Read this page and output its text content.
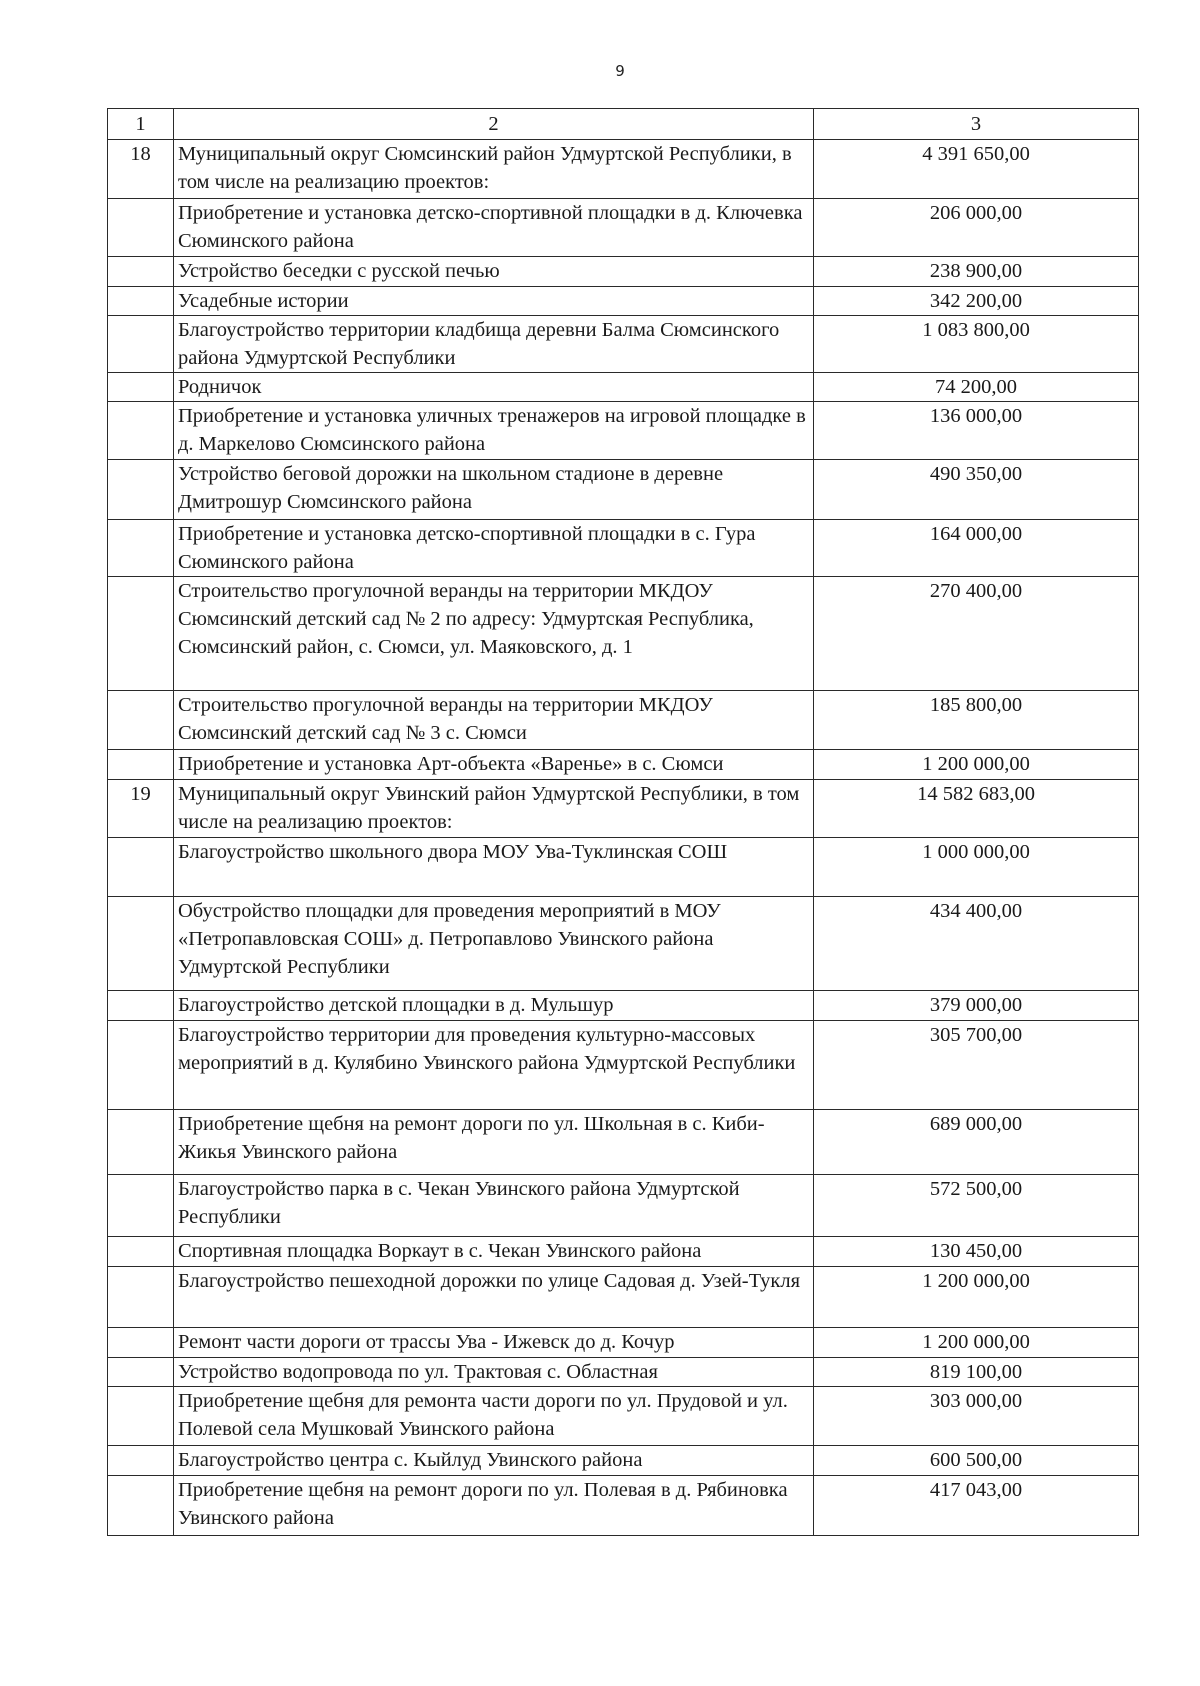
9
1	2	3
18	Муниципальный округ Сюмсинский район Удмуртской Республики, в том числе на реализацию проектов:	4 391 650,00
	Приобретение и установка детско-спортивной площадки в д. Ключевка Сюминского района	206 000,00
	Устройство беседки с русской печью	238 900,00
	Усадебные истории	342 200,00
	Благоустройство территории кладбища деревни Балма Сюмсинского района Удмуртской Республики	1 083 800,00
	Родничок	74 200,00
	Приобретение и установка уличных тренажеров на игровой площадке в д. Маркелово Сюмсинского района	136 000,00
	Устройство беговой дорожки на школьном стадионе в деревне Дмитрошур Сюмсинского района	490 350,00
	Приобретение и установка детско-спортивной площадки в с. Гура Сюминского района	164 000,00
	Строительство прогулочной веранды на территории МКДОУ Сюмсинский детский сад № 2 по адресу: Удмуртская Республика, Сюмсинский район, с. Сюмси, ул. Маяковского, д. 1	270 400,00
	Строительство прогулочной веранды на территории МКДОУ Сюмсинский детский сад № 3 с. Сюмси	185 800,00
	Приобретение и установка Арт-объекта «Варенье» в с. Сюмси	1 200 000,00
19	Муниципальный округ Увинский район Удмуртской Республики, в том числе на реализацию проектов:	14 582 683,00
	Благоустройство школьного двора МОУ Ува-Туклинская СОШ	1 000 000,00
	Обустройство площадки для проведения мероприятий в МОУ «Петропавловская СОШ» д. Петропавлово Увинского района Удмуртской Республики	434 400,00
	Благоустройство детской площадки в д. Мульшур	379 000,00
	Благоустройство территории для проведения культурно-массовых мероприятий в д. Кулябино Увинского района Удмуртской Республики	305 700,00
	Приобретение щебня на ремонт дороги по ул. Школьная в с. Киби-Жикья Увинского района	689 000,00
	Благоустройство парка в с. Чекан Увинского района Удмуртской Республики	572 500,00
	Спортивная площадка Воркаут в с. Чекан Увинского района	130 450,00
	Благоустройство пешеходной дорожки по улице Садовая д. Узей-Тукля	1 200 000,00
	Ремонт части дороги от трассы Ува - Ижевск до д. Кочур	1 200 000,00
	Устройство водопровода по ул. Трактовая с. Областная	819 100,00
	Приобретение щебня для ремонта части дороги по ул. Прудовой и ул. Полевой села Мушковай Увинского района	303 000,00
	Благоустройство центра с. Кыйлуд Увинского района	600 500,00
	Приобретение щебня на ремонт дороги по ул. Полевая в д. Рябиновка Увинского района	417 043,00
